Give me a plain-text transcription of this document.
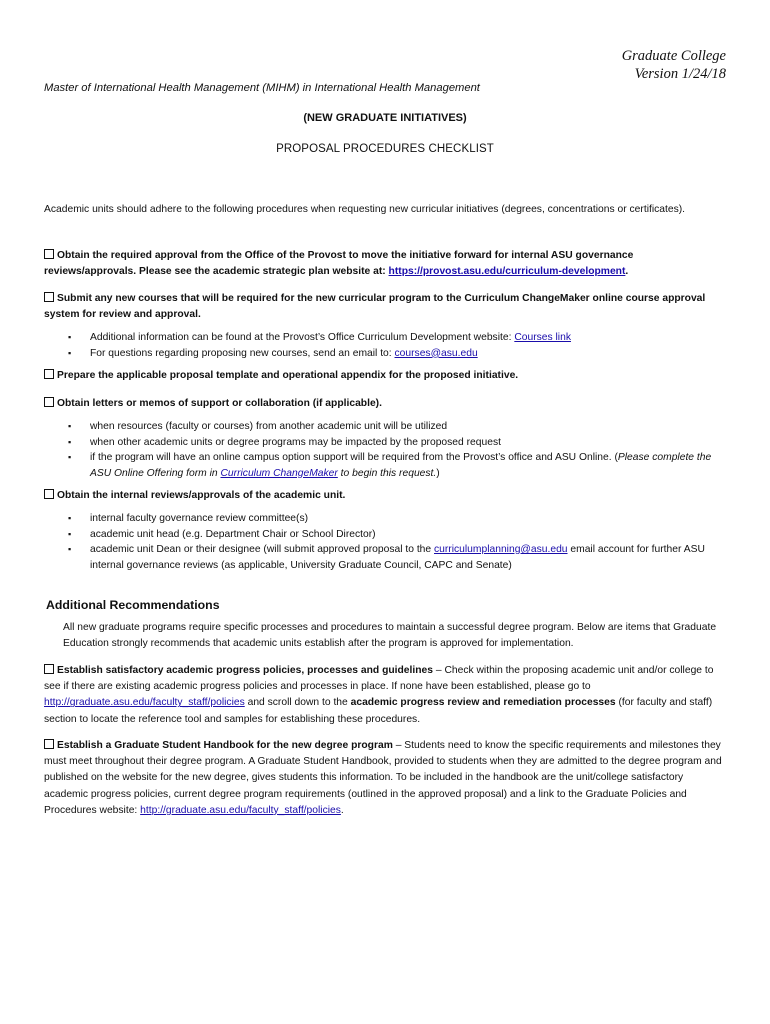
Graduate College
Version 1/24/18
Master of International Health Management (MIHM) in International Health Management
(NEW GRADUATE INITIATIVES)
PROPOSAL PROCEDURES CHECKLIST
Academic units should adhere to the following procedures when requesting new curricular initiatives (degrees, concentrations or certificates).
Obtain the required approval from the Office of the Provost to move the initiative forward for internal ASU governance reviews/approvals. Please see the academic strategic plan website at: https://provost.asu.edu/curriculum-development.
Submit any new courses that will be required for the new curricular program to the Curriculum ChangeMaker online course approval system for review and approval.
▪ Additional information can be found at the Provost’s Office Curriculum Development website: Courses link
▪ For questions regarding proposing new courses, send an email to: courses@asu.edu
Prepare the applicable proposal template and operational appendix for the proposed initiative.
Obtain letters or memos of support or collaboration (if applicable).
▪ when resources (faculty or courses) from another academic unit will be utilized
▪ when other academic units or degree programs may be impacted by the proposed request
▪ if the program will have an online campus option support will be required from the Provost’s office and ASU Online. (Please complete the ASU Online Offering form in Curriculum ChangeMaker to begin this request.)
Obtain the internal reviews/approvals of the academic unit.
▪ internal faculty governance review committee(s)
▪ academic unit head (e.g. Department Chair or School Director)
▪ academic unit Dean or their designee (will submit approved proposal to the curriculumplanning@asu.edu email account for further ASU internal governance reviews (as applicable, University Graduate Council, CAPC and Senate)
Additional Recommendations
All new graduate programs require specific processes and procedures to maintain a successful degree program. Below are items that Graduate Education strongly recommends that academic units establish after the program is approved for implementation.
Establish satisfactory academic progress policies, processes and guidelines – Check within the proposing academic unit and/or college to see if there are existing academic progress policies and processes in place. If none have been established, please go to http://graduate.asu.edu/faculty_staff/policies and scroll down to the academic progress review and remediation processes (for faculty and staff) section to locate the reference tool and samples for establishing these procedures.
Establish a Graduate Student Handbook for the new degree program – Students need to know the specific requirements and milestones they must meet throughout their degree program. A Graduate Student Handbook, provided to students when they are admitted to the degree program and published on the website for the new degree, gives students this information. To be included in the handbook are the unit/college satisfactory academic progress policies, current degree program requirements (outlined in the approved proposal) and a link to the Graduate Policies and Procedures website: http://graduate.asu.edu/faculty_staff/policies.
